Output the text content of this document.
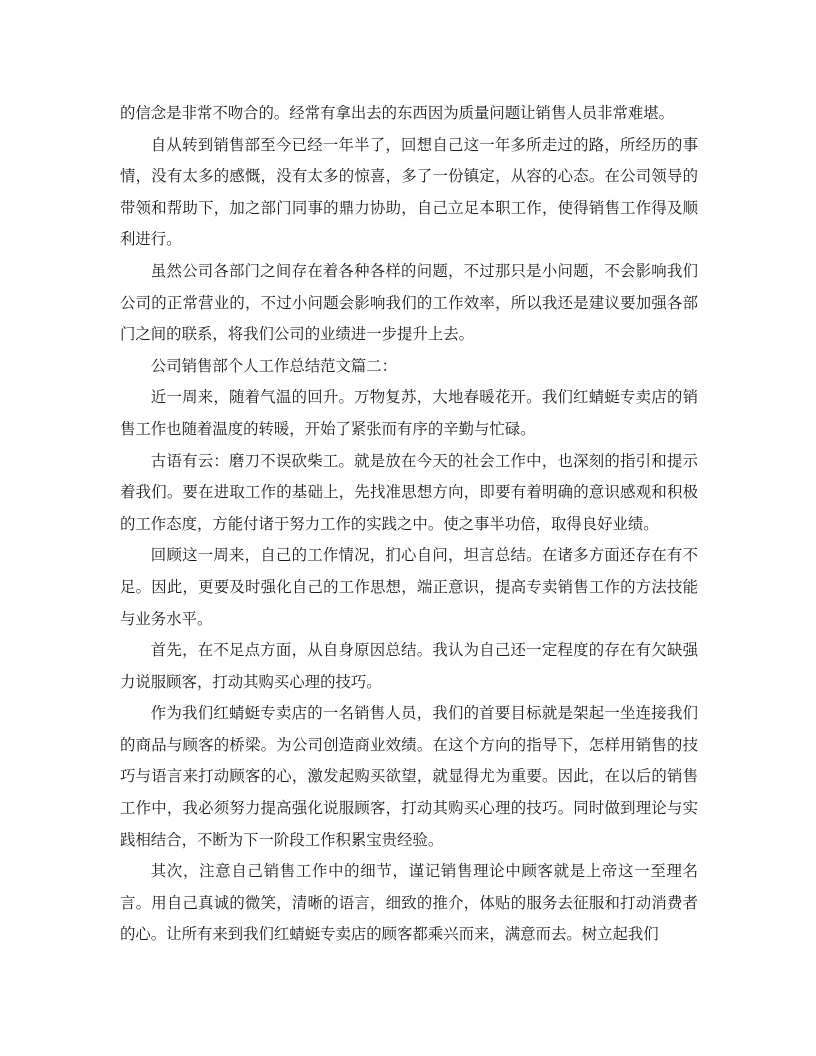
的信念是非常不吻合的。经常有拿出去的东西因为质量问题让销售人员非常难堪。

自从转到销售部至今已经一年半了，回想自己这一年多所走过的路，所经历的事情，没有太多的感慨，没有太多的惊喜，多了一份镇定，从容的心态。在公司领导的带领和帮助下，加之部门同事的鼎力协助，自己立足本职工作，使得销售工作得及顺利进行。

虽然公司各部门之间存在着各种各样的问题，不过那只是小问题，不会影响我们公司的正常营业的，不过小问题会影响我们的工作效率，所以我还是建议要加强各部门之间的联系，将我们公司的业绩进一步提升上去。

公司销售部个人工作总结范文篇二：

近一周来，随着气温的回升。万物复苏，大地春暖花开。我们红蜻蜓专卖店的销售工作也随着温度的转暖，开始了紧张而有序的辛勤与忙碌。

古语有云：磨刀不误砍柴工。就是放在今天的社会工作中，也深刻的指引和提示着我们。要在进取工作的基础上，先找准思想方向，即要有着明确的意识感观和积极的工作态度，方能付诸于努力工作的实践之中。使之事半功倍，取得良好业绩。

回顾这一周来，自己的工作情况，扪心自问，坦言总结。在诸多方面还存在有不足。因此，更要及时强化自己的工作思想，端正意识，提高专卖销售工作的方法技能与业务水平。

首先，在不足点方面，从自身原因总结。我认为自己还一定程度的存在有欠缺强力说服顾客，打动其购买心理的技巧。

作为我们红蜻蜓专卖店的一名销售人员，我们的首要目标就是架起一坐连接我们的商品与顾客的桥梁。为公司创造商业效绩。在这个方向的指导下，怎样用销售的技巧与语言来打动顾客的心，激发起购买欲望，就显得尤为重要。因此，在以后的销售工作中，我必须努力提高强化说服顾客，打动其购买心理的技巧。同时做到理论与实践相结合，不断为下一阶段工作积累宝贵经验。

其次，注意自己销售工作中的细节，谨记销售理论中顾客就是上帝这一至理名言。用自己真诚的微笑，清晰的语言，细致的推介，体贴的服务去征服和打动消费者的心。让所有来到我们红蜻蜓专卖店的顾客都乘兴而来，满意而去。树立起我们
